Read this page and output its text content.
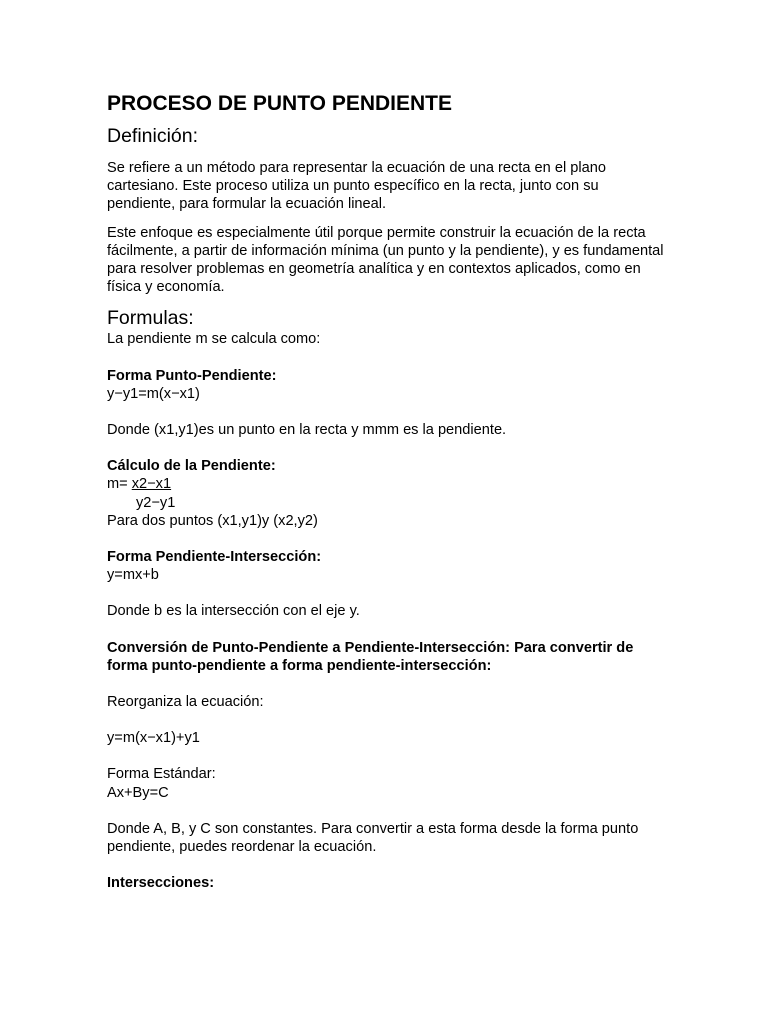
PROCESO DE PUNTO PENDIENTE
Definición:

Se refiere a un método para representar la ecuación de una recta en el plano cartesiano. Este proceso utiliza un punto específico en la recta, junto con su pendiente, para formular la ecuación lineal.

Este enfoque es especialmente útil porque permite construir la ecuación de la recta fácilmente, a partir de información mínima (un punto y la pendiente), y es fundamental para resolver problemas en geometría analítica y en contextos aplicados, como en física y economía.

Formulas:
La pendiente m se calcula como:
Forma Punto-Pendiente:
y−y1=m(x−x1)
Donde (x1,y1)es un punto en la recta y mmm es la pendiente.
Cálculo de la Pendiente:
m= x2−x1
y2−y1
Para dos puntos (x1,y1)y (x2,y2)
Forma Pendiente-Intersección:
y=mx+b
Donde b es la intersección con el eje y.
Conversión de Punto-Pendiente a Pendiente-Intersección: Para convertir de forma punto-pendiente a forma pendiente-intersección:
Reorganiza la ecuación:
y=m(x−x1)+y1
Forma Estándar:
Ax+By=C
Donde A, B, y C son constantes. Para convertir a esta forma desde la forma punto pendiente, puedes reordenar la ecuación.
Intersecciones:
